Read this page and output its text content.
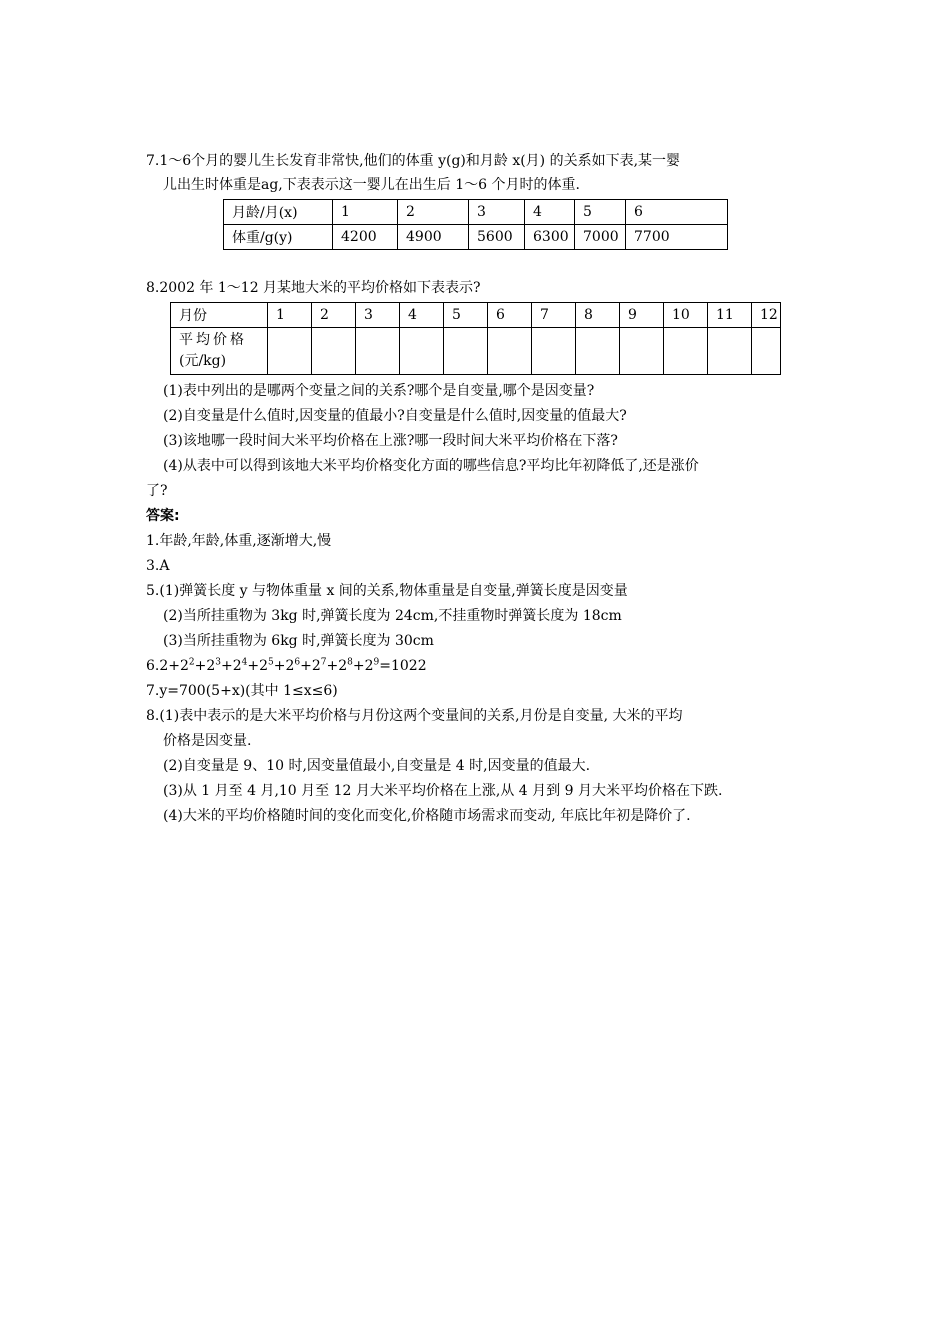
7.1～6个月的婴儿生长发育非常快,他们的体重 y(g)和月龄 x(月) 的关系如下表,某一婴
儿出生时体重是ag,下表表示这一婴儿在出生后 1～6 个月时的体重.
月龄/月(x)	1	2	3	4	5	6
体重/g(y)	4200	4900	5600	6300	7000	7700
8.2002 年 1～12 月某地大米的平均价格如下表表示?
月份	1	2	3	4	5	6	7	8	9	10	11	12

平均价格
(元/kg)												

(1)表中列出的是哪两个变量之间的关系?哪个是自变量,哪个是因变量?
(2)自变量是什么值时,因变量的值最小?自变量是什么值时,因变量的值最大?
(3)该地哪一段时间大米平均价格在上涨?哪一段时间大米平均价格在下落?
(4)从表中可以得到该地大米平均价格变化方面的哪些信息?平均比年初降低了,还是涨价
了?
答案:
1.年龄,年龄,体重,逐渐增大,慢
3.A
5.(1)弹簧长度 y 与物体重量 x 间的关系,物体重量是自变量,弹簧长度是因变量
(2)当所挂重物为 3kg 时,弹簧长度为 24cm,不挂重物时弹簧长度为 18cm
(3)当所挂重物为 6kg 时,弹簧长度为 30cm
$6.2+2^2+2^3+2^4+2^5+2^6+2^7+2^8+2^9=1022$
7.y=700(5+x)(其中 1≤x≤6)
8.(1)表中表示的是大米平均价格与月份这两个变量间的关系,月份是自变量, 大米的平均
价格是因变量.
(2)自变量是 9、10 时,因变量值最小,自变量是 4 时,因变量的值最大.
(3)从 1 月至 4 月,10 月至 12 月大米平均价格在上涨,从 4 月到 9 月大米平均价格在下跌.
(4)大米的平均价格随时间的变化而变化,价格随市场需求而变动, 年底比年初是降价了.
